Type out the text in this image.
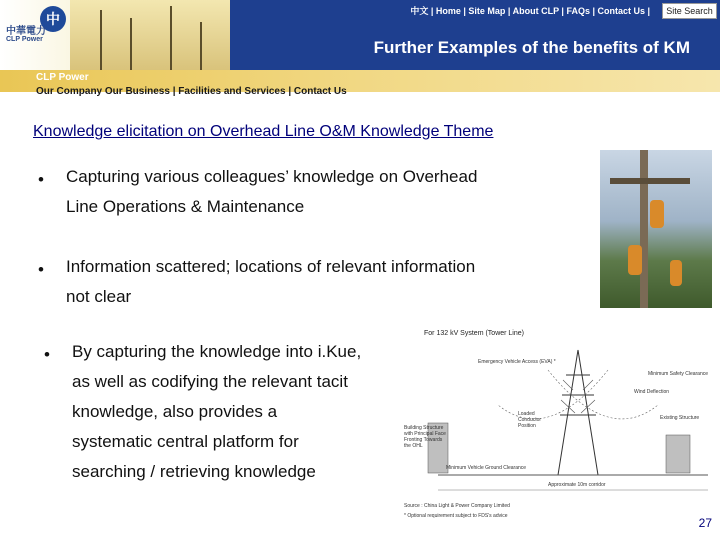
中
中華電力
CLP Power
中文 | Home | Site Map | About CLP | FAQs | Contact Us |	Site Search
Further Examples of the benefits of KM
CLP Power
Our Company Our Business | Facilities and Services | Contact Us
Knowledge elicitation on Overhead Line O&M Knowledge Theme
• Capturing various colleagues’ knowledge on Overhead
Line Operations & Maintenance
• Information scattered; locations of relevant information
not clear
• By capturing the knowledge into i.Kue,
as well as codifying the relevant tacit
knowledge, also provides a
systematic central platform for
searching / retrieving knowledge
For 132 kV System (Tower Line)
Emergency Vehicle Access (EVA) *
Minimum Safety Clearance
Wind Deflection
Loaded Conductor Position
Existing Structure
Building Structure with Principal Face Fronting Towards the OHL
Minimum Vehicle Ground Clearance
Approximate 10m corridor
Source : China Light & Power Company Limited
* Optional requirement subject to FDS's advice	27
